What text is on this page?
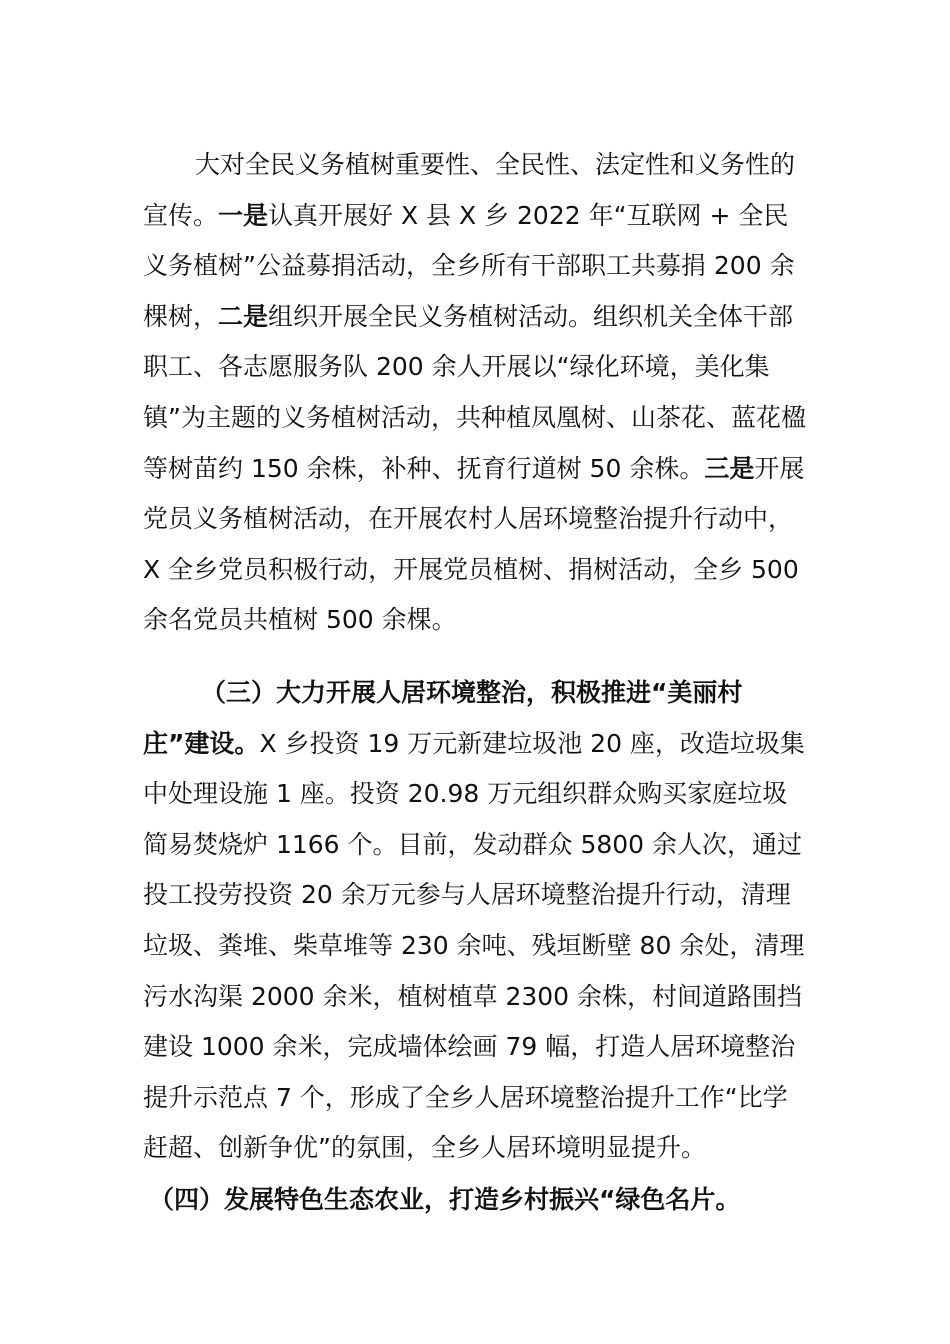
大对全民义务植树重要性、全民性、法定性和义务性的宣传。一是认真开展好 X 县 X 乡 2022 年“互联网 + 全民义务植树”公益募捐活动，全乡所有干部职工共募捐 200 余棵树，二是组织开展全民义务植树活动。组织机关全体干部职工、各志愿服务队 200 余人开展以“绿化环境，美化集镇”为主题的义务植树活动，共种植凤凰树、山茶花、蓝花楹等树苗约 150 余株，补种、抚育行道树 50 余株。三是开展党员义务植树活动，在开展农村人居环境整治提升行动中，X 全乡党员积极行动，开展党员植树、捐树活动，全乡 500 余名党员共植树 500 余棵。

（三）大力开展人居环境整治，积极推进“美丽村庄”建设。X 乡投资 19 万元新建垃圾池 20 座，改造垃圾集中处理设施 1 座。投资 20.98 万元组织群众购买家庭垃圾简易焚烧炉 1166 个。目前，发动群众 5800 余人次，通过投工投劳投资 20 余万元参与人居环境整治提升行动，清理垃圾、粪堆、柴草堆等 230 余吨、残垣断壁 80 余处，清理污水沟渠 2000 余米，植树植草 2300 余株，村间道路围挡建设 1000 余米，完成墙体绘画 79 幅，打造人居环境整治提升示范点 7 个，形成了全乡人居环境整治提升工作“比学赶超、创新争优”的氛围，全乡人居环境明显提升。

（四）发展特色生态农业，打造乡村振兴“绿色名片。
